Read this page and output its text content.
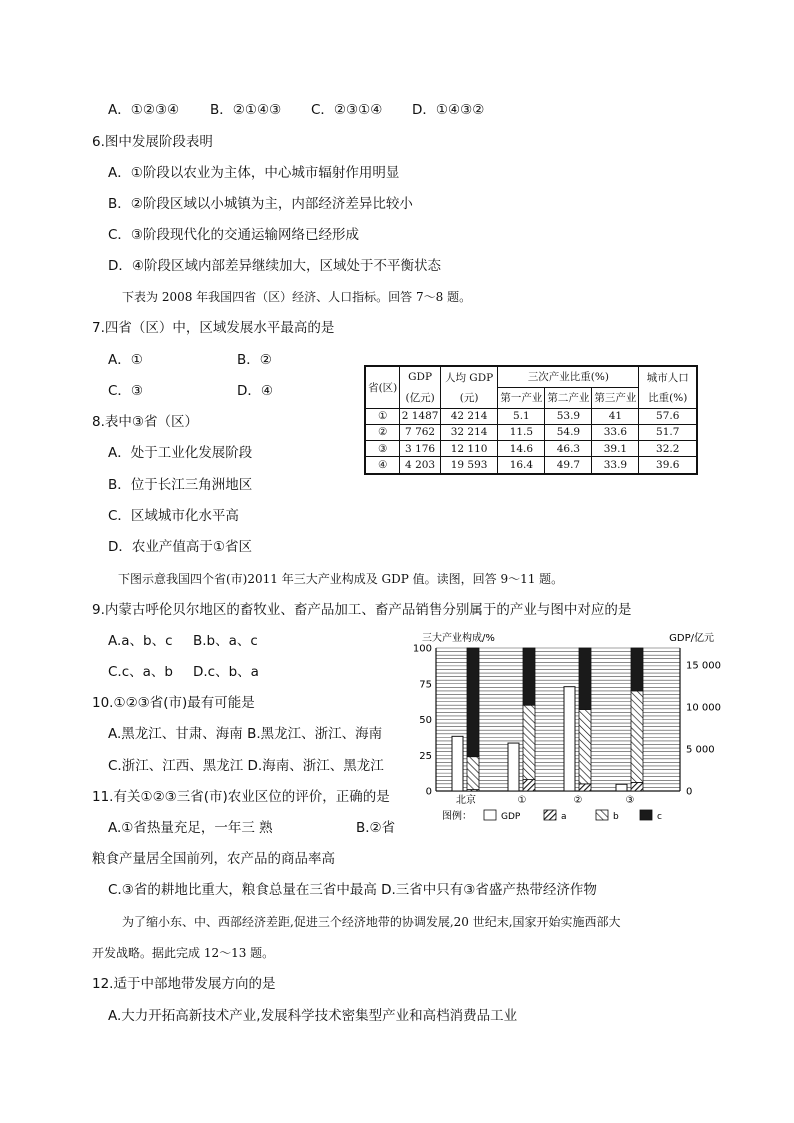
A．①②③④ B．②①④③ C．②③①④ D．①④③②
6.图中发展阶段表明
A．①阶段以农业为主体，中心城市辐射作用明显
B．②阶段区域以小城镇为主，内部经济差异比较小
C．③阶段现代化的交通运输网络已经形成
D．④阶段区域内部差异继续加大，区域处于不平衡状态
下表为 2008 年我国四省（区）经济、人口指标。回答 7～8 题。
7.四省（区）中，区域发展水平最高的是
A．①	B．②
C．③	D．④
8.表中③省（区）
A．处于工业化发展阶段
B．位于长江三角洲地区
C．区域城市化水平高
D．农业产值高于①省区
省(区)	GDP	人均 GDP	三次产业比重(%)			城市人口
	(亿元)	(元)	第一产业	第二产业	第三产业	比重(%)
①	2 1487	42 214	5.1	53.9	41	57.6
②	7 762	32 214	11.5	54.9	33.6	51.7
③	3 176	12 110	14.6	46.3	39.1	32.2
④	4 203	19 593	16.4	49.7	33.9	39.6
下图示意我国四个省(市)2011 年三大产业构成及 GDP 值。读图，回答 9～11 题。
9.内蒙古呼伦贝尔地区的畜牧业、畜产品加工、畜产品销售分别属于的产业与图中对应的是
A.a、b、c B.b、a、c
C.c、a、b D.c、b、a
10.①②③省(市)最有可能是
A.黑龙江、甘肃、海南 B.黑龙江、浙江、海南
C.浙江、江西、黑龙江 D.海南、浙江、黑龙江
11.有关①②③三省(市)农业区位的评价，正确的是
A.①省热量充足，一年三 熟	B.②省
粮食产量居全国前列，农产品的商品率高
C.③省的耕地比重大，粮食总量在三省中最高 D.三省中只有③省盛产热带经济作物
为了缩小东、中、西部经济差距,促进三个经济地带的协调发展,20 世纪末,国家开始实施西部大
开发战略。据此完成 12～13 题。
12.适于中部地带发展方向的是
A.大力开拓高新技术产业,发展科学技术密集型产业和高档消费品工业
三大产业构成/%	GDP/亿元
100
75
50
25
0
15 000
10 000
5 000
0
北京	①	②	③
图例：	GDP	a	b	c
